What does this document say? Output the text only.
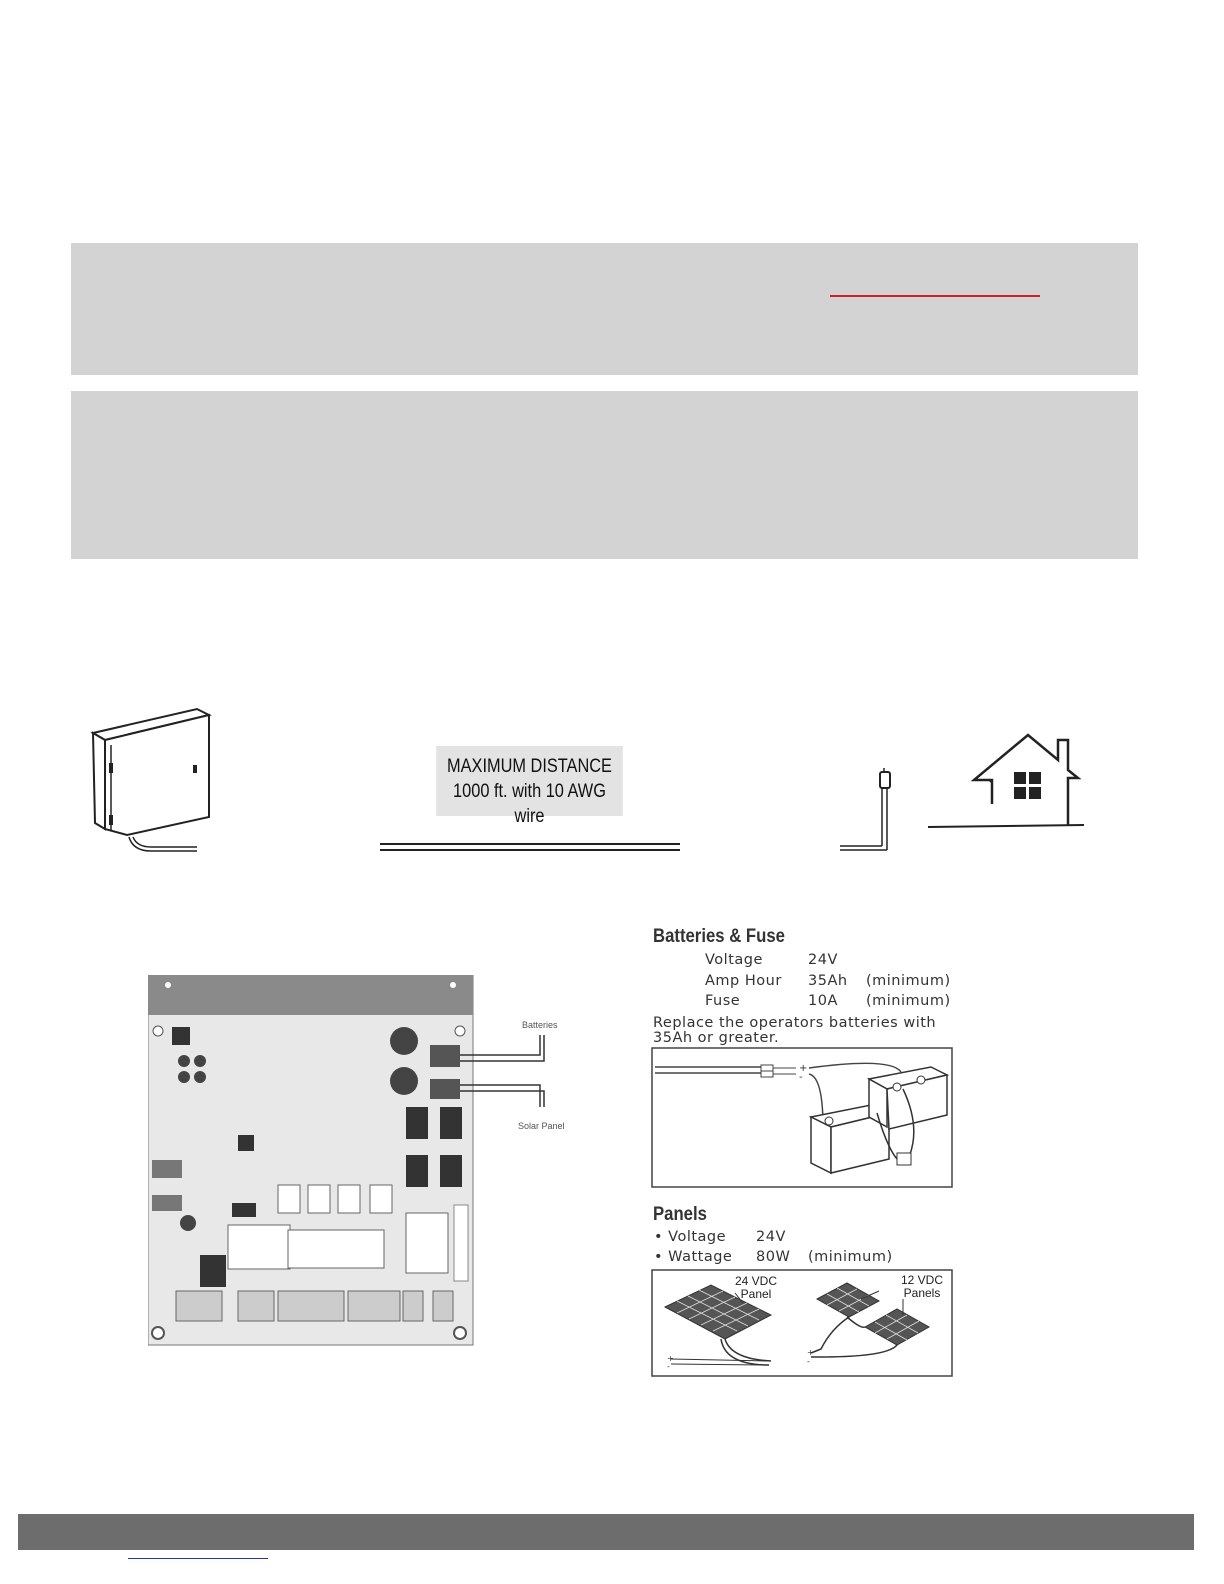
MAXIMUM DISTANCE
1000 ft. with 10 AWG wire
Batteries
Solar Panel
Batteries & Fuse
Voltage	24V
Amp Hour 35Ah (minimum)
Fuse	10A (minimum)
Replace the operators batteries with
35Ah or greater.
+
-
Panels
• Voltage 24V
• Wattage 80W (minimum)
+
-
+
-
24 VDC
Panel
12 VDC
Panels
